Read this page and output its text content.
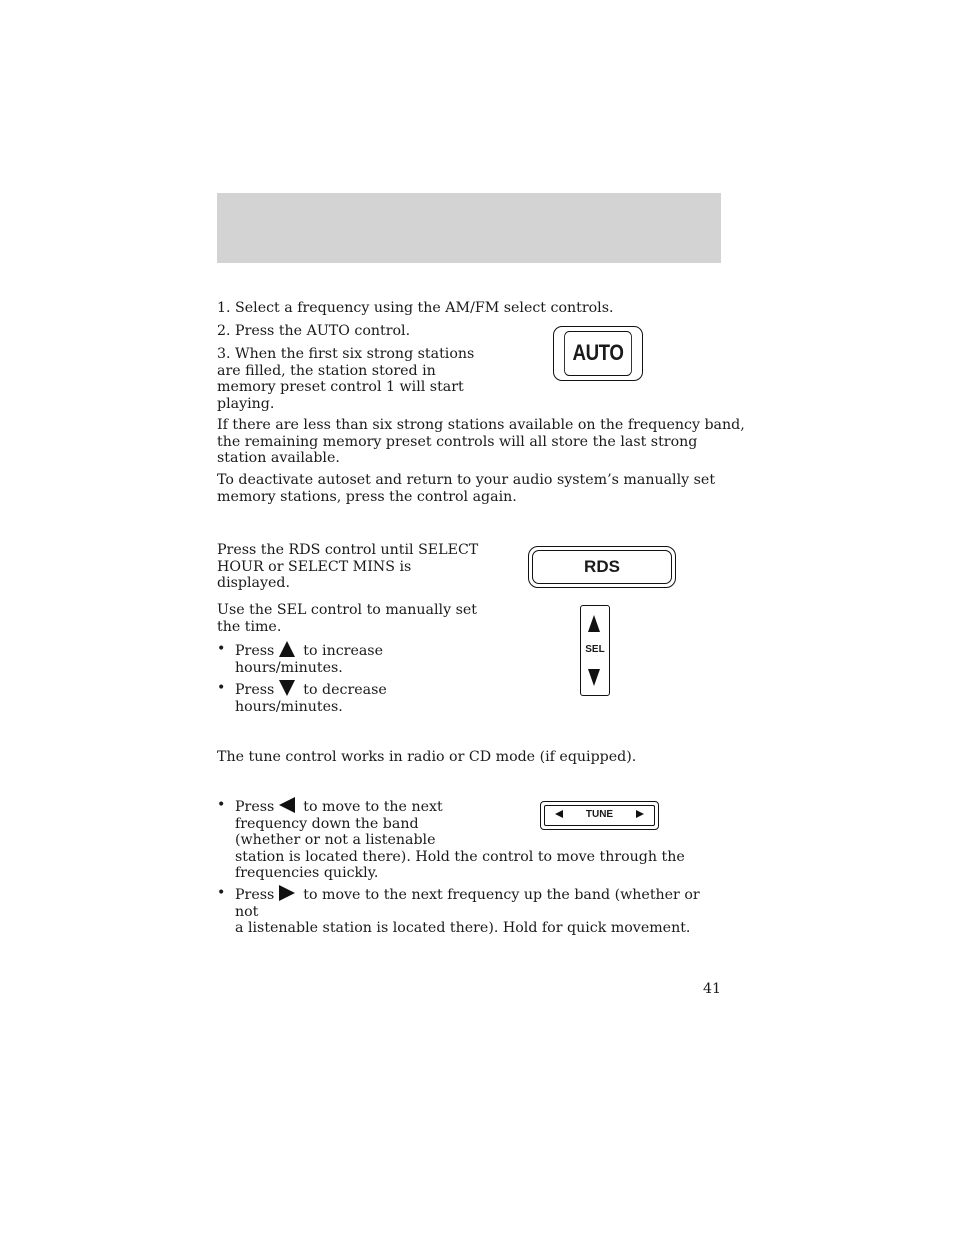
1. Select a frequency using the AM/FM select controls.

2. Press the AUTO control.

3. When the first six strong stations
are filled, the station stored in
memory preset control 1 will start
playing.
AUTO
If there are less than six strong stations available on the frequency band,
the remaining memory preset controls will all store the last strong
station available.
To deactivate autoset and return to your audio system’s manually set
memory stations, press the control again.
Press the RDS control until SELECT
HOUR or SELECT MINS is
displayed.
RDS
Use the SEL control to manually set
the time.
• Press to increase
hours/minutes.
• Press to decrease
hours/minutes.
SEL

The tune control works in radio or CD mode (if equipped).

• Press to move to the next
frequency down the band
(whether or not a listenable
station is located there). Hold the control to move through the
frequencies quickly.
TUNE
• Press to move to the next frequency up the band (whether or not
a listenable station is located there). Hold for quick movement.
41
